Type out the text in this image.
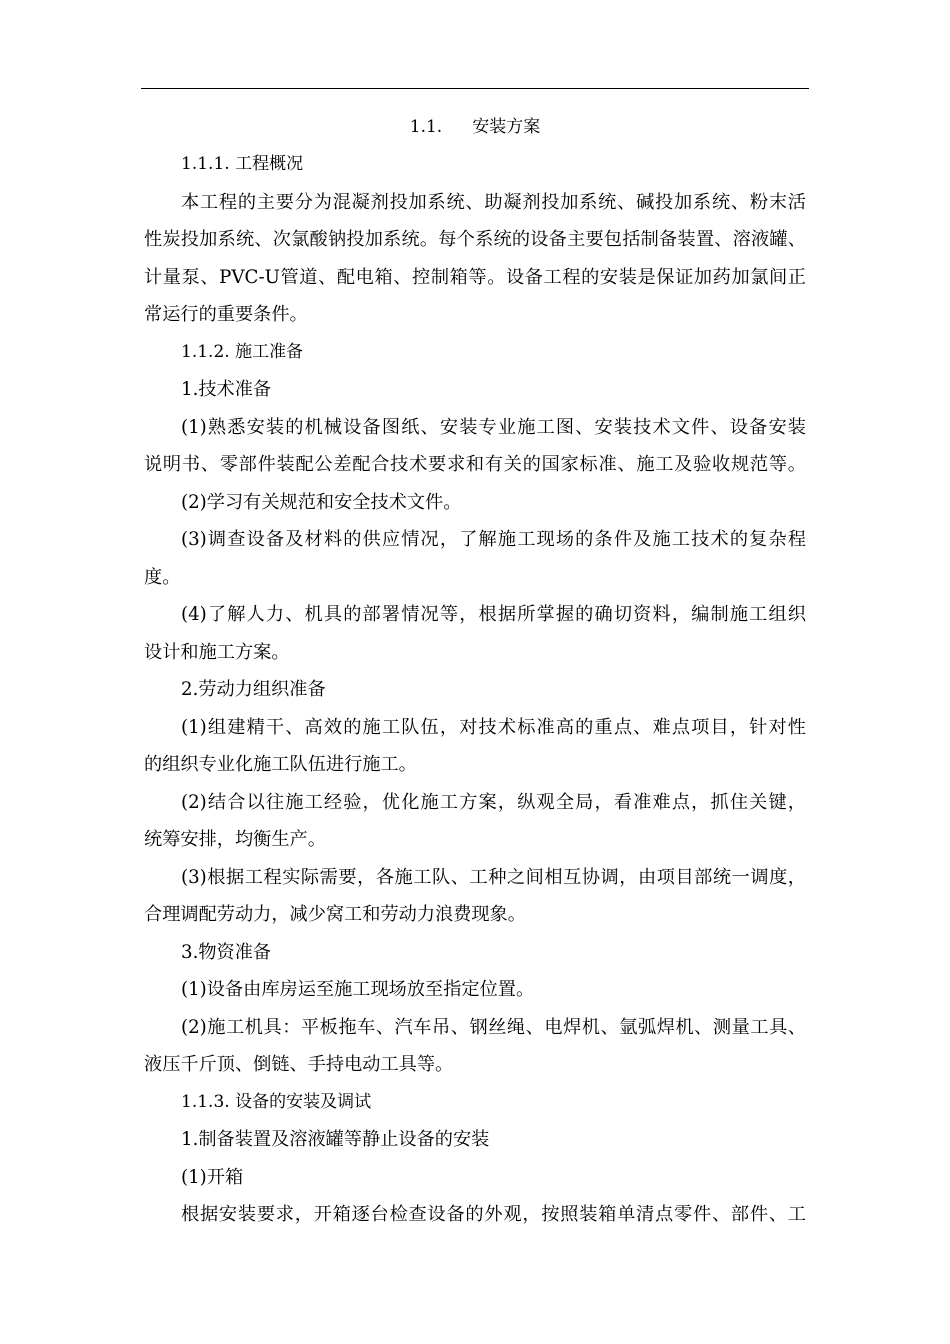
1.1. 安装方案
1.1.1. 工程概况
本工程的主要分为混凝剂投加系统、助凝剂投加系统、碱投加系统、粉末活
性炭投加系统、次氯酸钠投加系统。每个系统的设备主要包括制备装置、溶液罐、
计量泵、PVC-U管道、配电箱、控制箱等。设备工程的安装是保证加药加氯间正
常运行的重要条件。
1.1.2. 施工准备
1.技术准备
(1)熟悉安装的机械设备图纸、安装专业施工图、安装技术文件、设备安装
说明书、零部件装配公差配合技术要求和有关的国家标准、施工及验收规范等。
(2)学习有关规范和安全技术文件。
(3)调查设备及材料的供应情况，了解施工现场的条件及施工技术的复杂程
度。
(4)了解人力、机具的部署情况等，根据所掌握的确切资料，编制施工组织
设计和施工方案。
2.劳动力组织准备
(1)组建精干、高效的施工队伍，对技术标准高的重点、难点项目，针对性
的组织专业化施工队伍进行施工。
(2)结合以往施工经验，优化施工方案，纵观全局，看准难点，抓住关键，
统筹安排，均衡生产。
(3)根据工程实际需要，各施工队、工种之间相互协调，由项目部统一调度，
合理调配劳动力，减少窝工和劳动力浪费现象。
3.物资准备
(1)设备由库房运至施工现场放至指定位置。
(2)施工机具：平板拖车、汽车吊、钢丝绳、电焊机、氩弧焊机、测量工具、
液压千斤顶、倒链、手持电动工具等。
1.1.3. 设备的安装及调试
1.制备装置及溶液罐等静止设备的安装
(1)开箱
根据安装要求，开箱逐台检查设备的外观，按照装箱单清点零件、部件、工
